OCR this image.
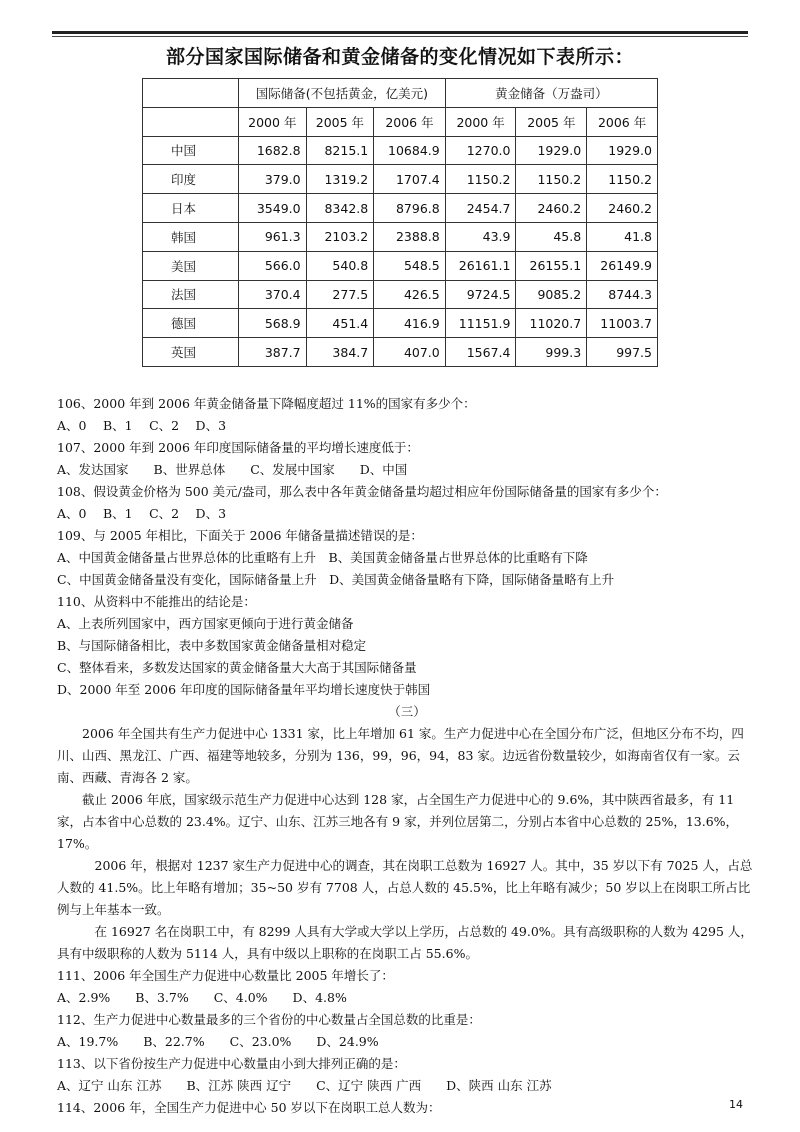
部分国家国际储备和黄金储备的变化情况如下表所示：
	国际储备(不包括黄金，亿美元)			黄金储备（万盎司）		
	2000 年	2005 年	2006 年	2000 年	2005 年	2006 年
中国	1682.8	8215.1	10684.9	1270.0	1929.0	1929.0
印度	379.0	1319.2	1707.4	1150.2	1150.2	1150.2
日本	3549.0	8342.8	8796.8	2454.7	2460.2	2460.2
韩国	961.3	2103.2	2388.8	43.9	45.8	41.8
美国	566.0	540.8	548.5	26161.1	26155.1	26149.9
法国	370.4	277.5	426.5	9724.5	9085.2	8744.3
德国	568.9	451.4	416.9	11151.9	11020.7	11003.7
英国	387.7	384.7	407.0	1567.4	999.3	997.5

106、2000 年到 2006 年黄金储备量下降幅度超过 11%的国家有多少个：

A、0　 B、1　 C、2　 D、3

107、2000 年到 2006 年印度国际储备量的平均增长速度低于：

A、发达国家　　B、世界总体　　C、发展中国家　　D、中国

108、假设黄金价格为 500 美元/盎司，那么表中各年黄金储备量均超过相应年份国际储备量的国家有多少个：

A、0　 B、1　 C、2　 D、3

109、与 2005 年相比，下面关于 2006 年储备量描述错误的是：

A、中国黄金储备量占世界总体的比重略有上升　B、美国黄金储备量占世界总体的比重略有下降

C、中国黄金储备量没有变化，国际储备量上升　D、美国黄金储备量略有下降，国际储备量略有上升

110、从资料中不能推出的结论是：

A、上表所列国家中，西方国家更倾向于进行黄金储备

B、与国际储备相比，表中多数国家黄金储备量相对稳定

C、整体看来，多数发达国家的黄金储备量大大高于其国际储备量

D、2000 年至 2006 年印度的国际储备量年平均增长速度快于韩国

（三）

2006 年全国共有生产力促进中心 1331 家，比上年增加 61 家。生产力促进中心在全国分布广泛，但地区分布不均，四川、山西、黑龙江、广西、福建等地较多，分别为 136，99，96，94，83 家。边远省份数量较少，如海南省仅有一家。云南、西藏、青海各 2 家。

截止 2006 年底，国家级示范生产力促进中心达到 128 家，占全国生产力促进中心的 9.6%，其中陕西省最多，有 11 家，占本省中心总数的 23.4%。辽宁、山东、江苏三地各有 9 家，并列位居第二，分别占本省中心总数的 25%，13.6%，17%。

　2006 年，根据对 1237 家生产力促进中心的调查，其在岗职工总数为 16927 人。其中，35 岁以下有 7025 人，占总人数的 41.5%。比上年略有增加；35~50 岁有 7708 人，占总人数的 45.5%，比上年略有减少；50 岁以上在岗职工所占比例与上年基本一致。

　在 16927 名在岗职工中，有 8299 人具有大学或大学以上学历，占总数的 49.0%。具有高级职称的人数为 4295 人，具有中级职称的人数为 5114 人，具有中级以上职称的在岗职工占 55.6%。

111、2006 年全国生产力促进中心数量比 2005 年增长了：

A、2.9%　　B、3.7%　　C、4.0%　　D、4.8%

112、生产力促进中心数量最多的三个省份的中心数量占全国总数的比重是：

A、19.7%　　B、22.7%　　C、23.0%　　D、24.9%

113、以下省份按生产力促进中心数量由小到大排列正确的是：

A、辽宁 山东 江苏　　B、江苏 陕西 辽宁　　C、辽宁 陕西 广西　　D、陕西 山东 江苏

114、2006 年，全国生产力促进中心 50 岁以下在岗职工总人数为：	14
